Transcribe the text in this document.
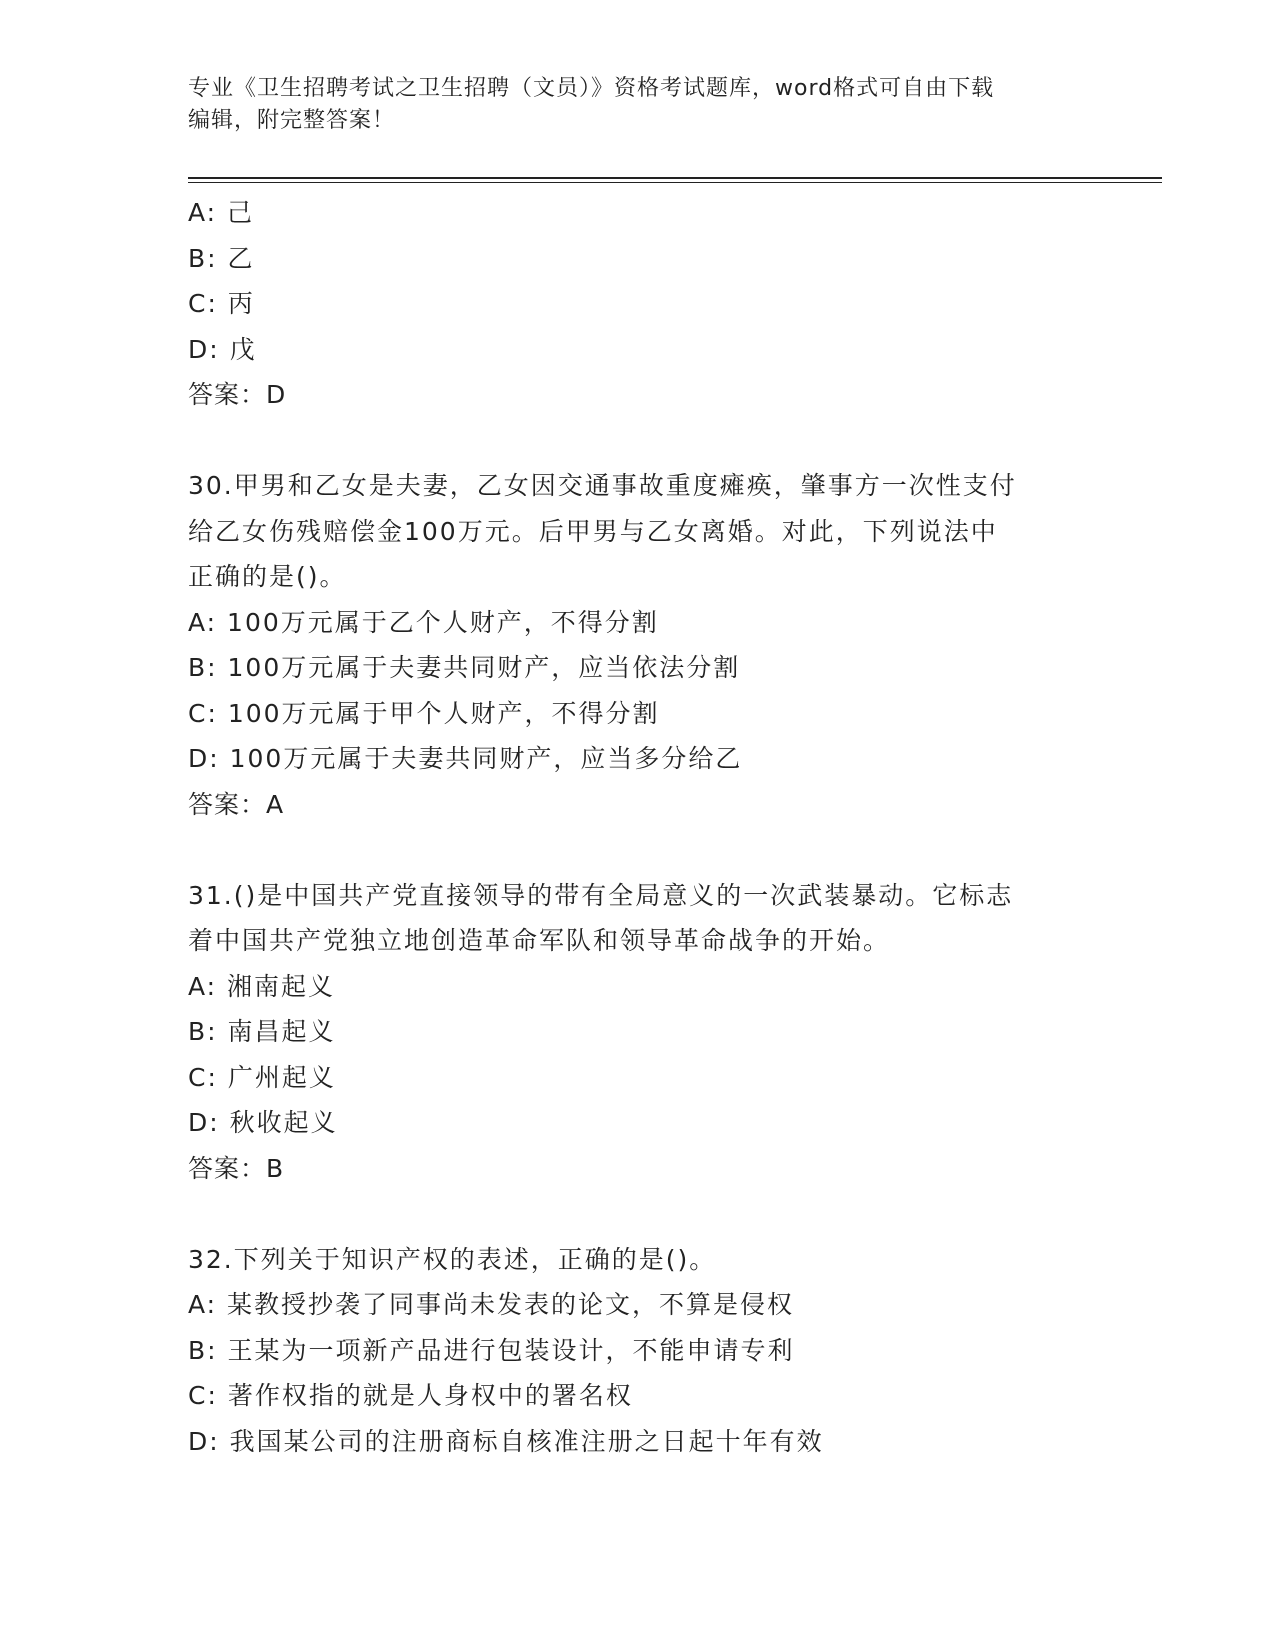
专业《卫生招聘考试之卫生招聘（文员）》资格考试题库，word格式可自由下载
编辑，附完整答案！
A: 己
B: 乙
C: 丙
D: 戊
答案：D
30.甲男和乙女是夫妻，乙女因交通事故重度瘫痪，肇事方一次性支付
给乙女伤残赔偿金100万元。后甲男与乙女离婚。对此，下列说法中
正确的是()。
A: 100万元属于乙个人财产，不得分割
B: 100万元属于夫妻共同财产，应当依法分割
C: 100万元属于甲个人财产，不得分割
D: 100万元属于夫妻共同财产，应当多分给乙
答案：A
31.()是中国共产党直接领导的带有全局意义的一次武装暴动。它标志
着中国共产党独立地创造革命军队和领导革命战争的开始。
A: 湘南起义
B: 南昌起义
C: 广州起义
D: 秋收起义
答案：B
32.下列关于知识产权的表述，正确的是()。
A: 某教授抄袭了同事尚未发表的论文，不算是侵权
B: 王某为一项新产品进行包装设计，不能申请专利
C: 著作权指的就是人身权中的署名权
D: 我国某公司的注册商标自核准注册之日起十年有效
